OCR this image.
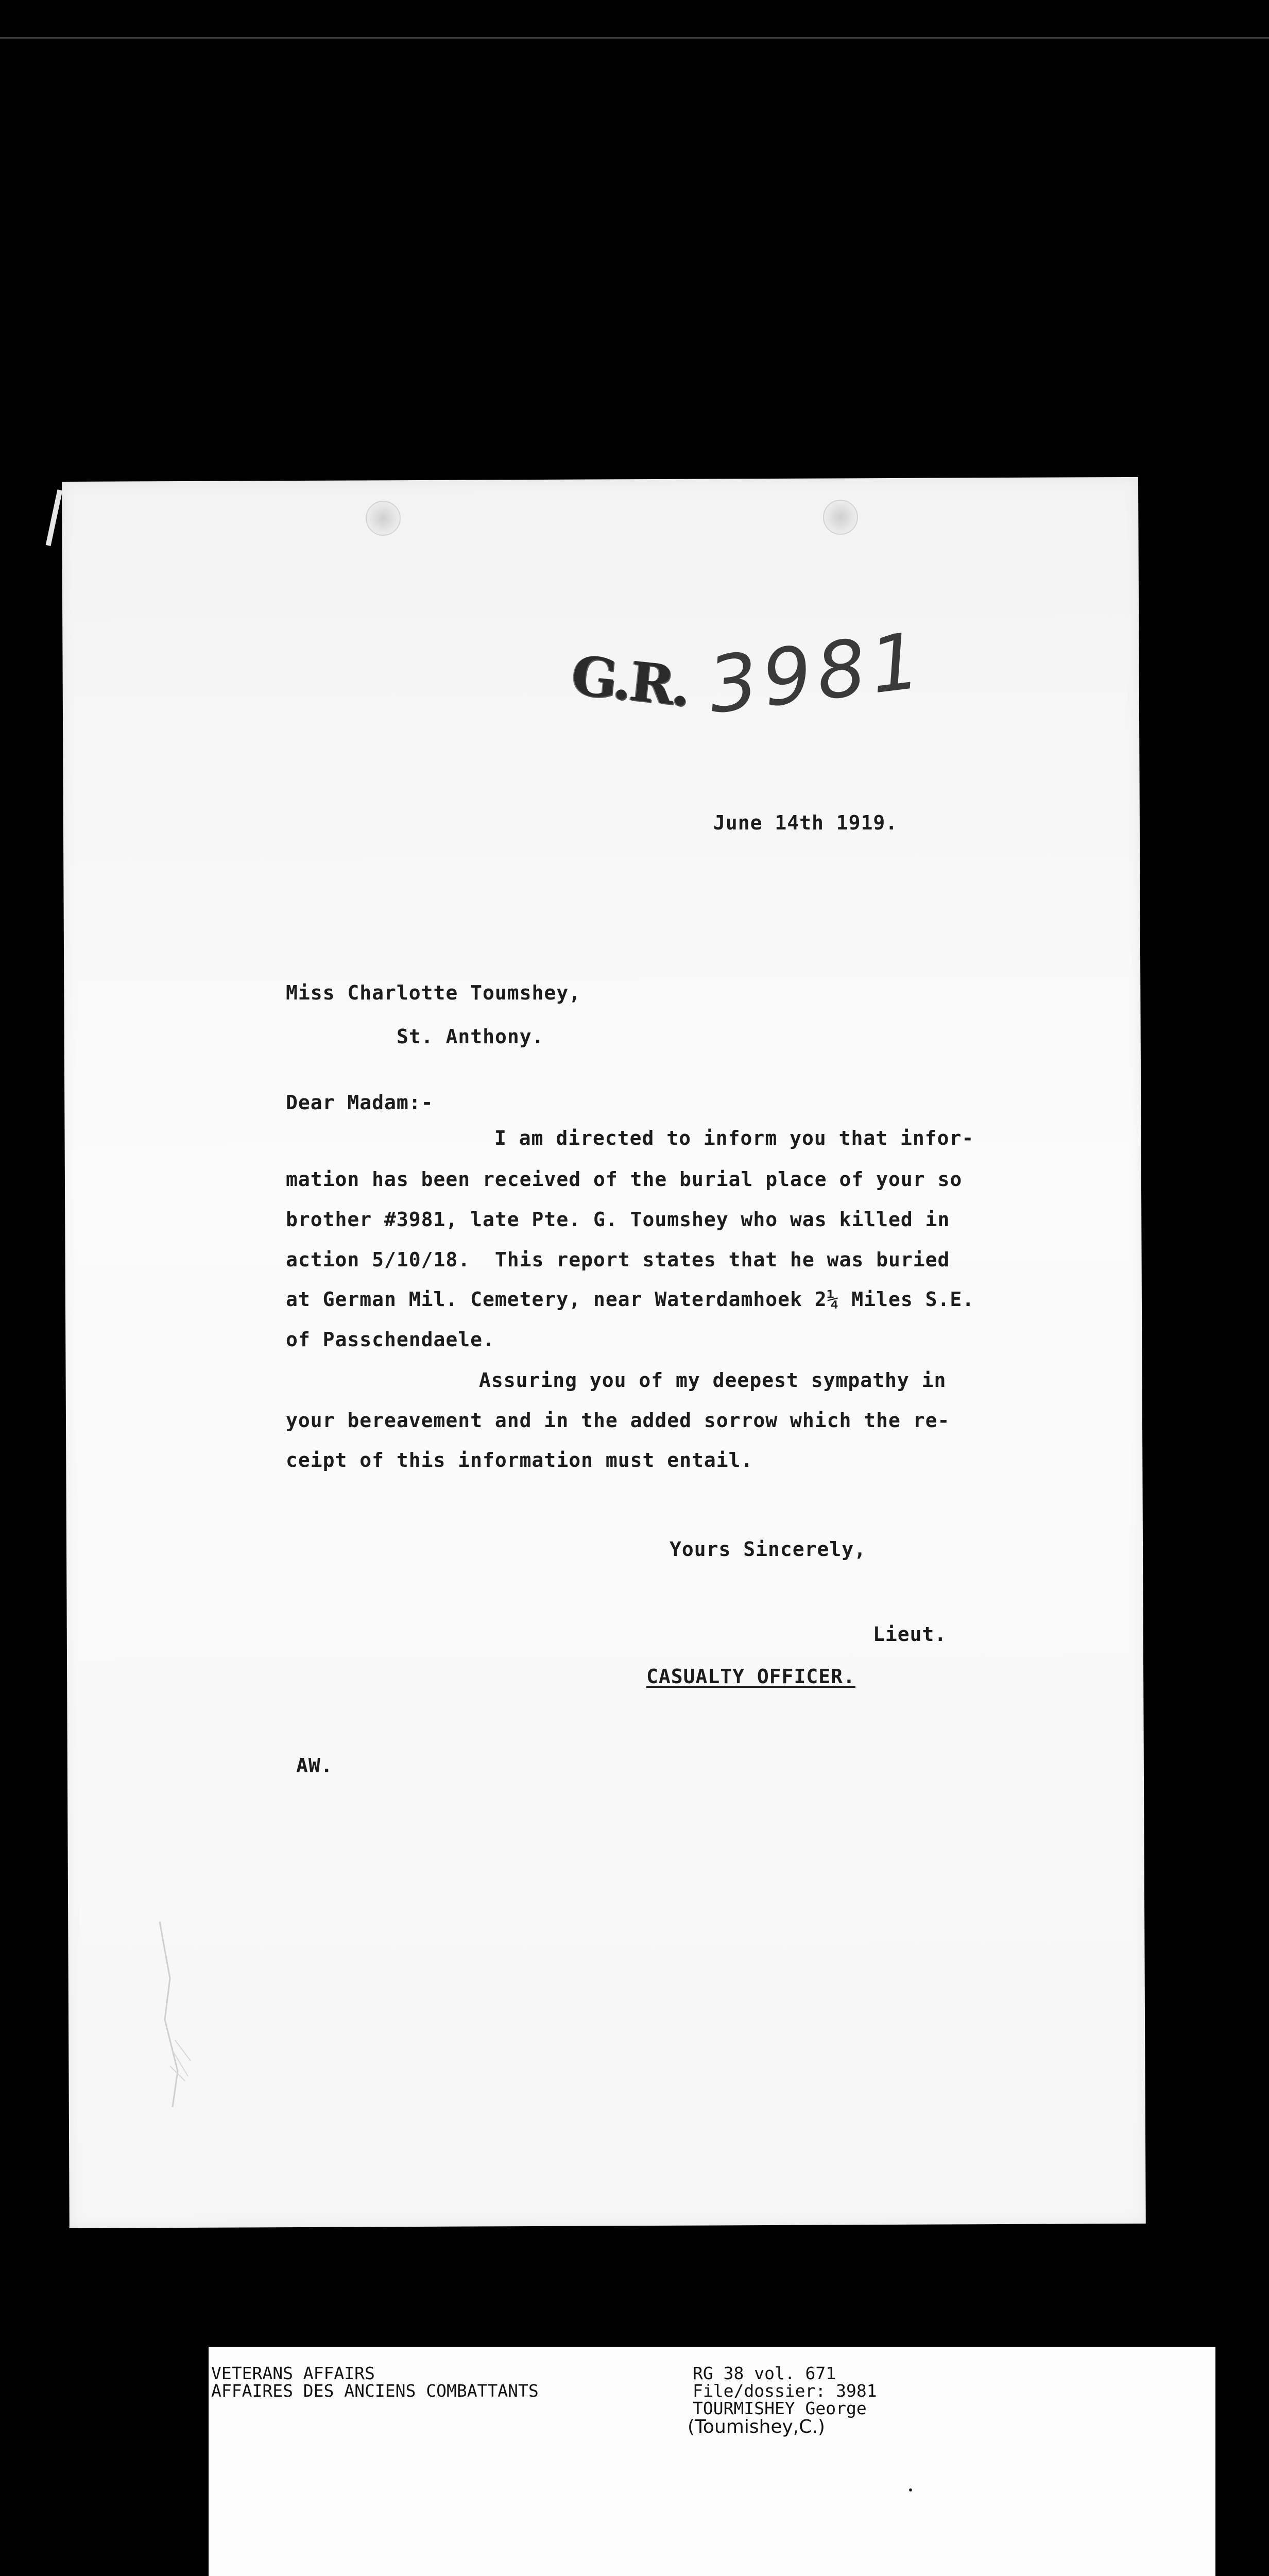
G.R. 3981
June 14th 1919.
Miss Charlotte Toumshey,
St. Anthony.
Dear Madam:-
I am directed to inform you that infor-
mation has been received of the burial place of your so
brother #3981, late Pte. G. Toumshey who was killed in
action 5/10/18.  This report states that he was buried
at German Mil. Cemetery, near Waterdamhoek 2¼ Miles S.E.
of Passchendaele.
Assuring you of my deepest sympathy in
your bereavement and in the added sorrow which the re-
ceipt of this information must entail.
Yours Sincerely,
Lieut.
CASUALTY OFFICER.
AW.
VETERANS AFFAIRS
AFFAIRES DES ANCIENS COMBATTANTS
RG 38 vol. 671
File/dossier: 3981
TOURMISHEY George
(Toumishey,C.)
